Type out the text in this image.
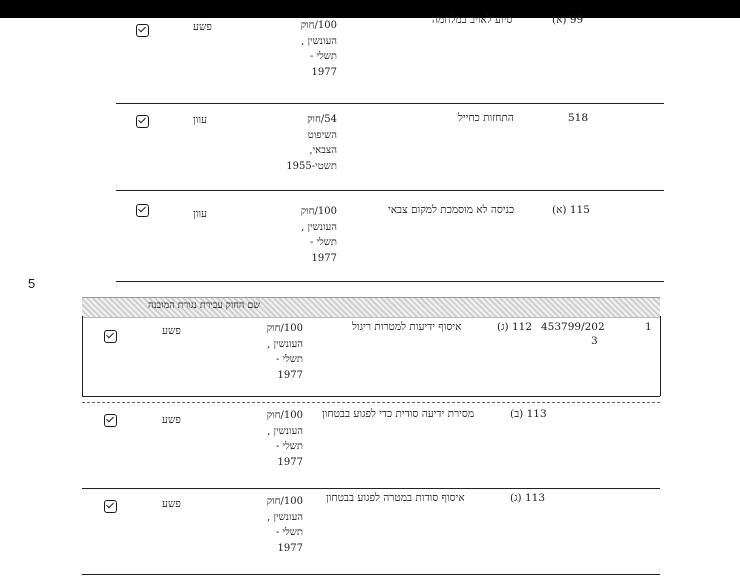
99 (א)
סיוע לאויב במלחמה
100/חוק
העונשין ,
תשלי -
1977
פשע
518
התחזות כחייל
54/חוק
השיפוט
הצבאי,
תשטי-1955
עוון
115 (א)
כניסה לא מוסמכת למקום צבאי
100/חוק
העונשין ,
תשלי -
1977
עוון
5
שם החוק עבירת נגורת המובנה
1
453799/202
3
112 (ג)
איסוף ידיעות למטרות ריגול
100/חוק
העונשין ,
תשלי -
1977
פשע
113 (ב)
מסירת ידיעה סודית כדי לפגוע בבטחון
100/חוק
העונשין ,
תשלי -
1977
פשע
113 (ג)
איסוף סודות במטרה לפגוע בבטחון
100/חוק
העונשין ,
תשלי -
1977
פשע
